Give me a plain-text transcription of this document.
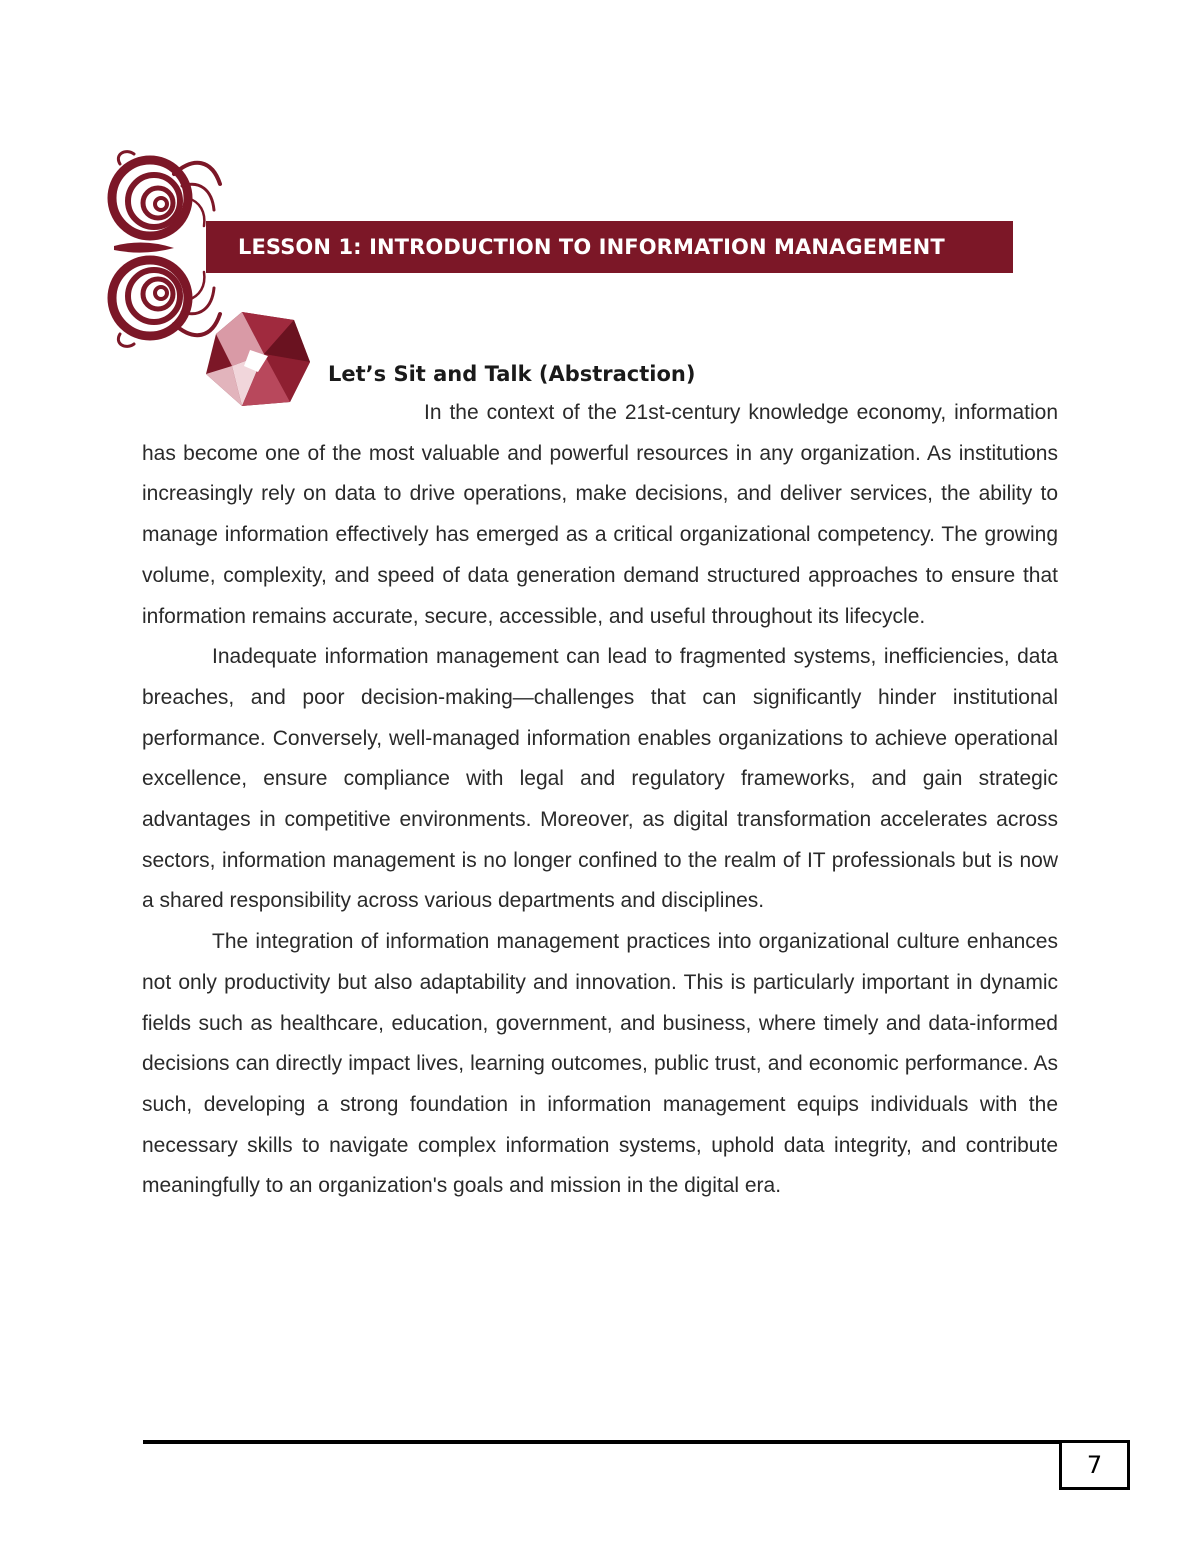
LESSON 1: INTRODUCTION TO INFORMATION MANAGEMENT
Let’s Sit and Talk (Abstraction)

In the context of the 21st-century knowledge economy, information has become one of the most valuable and powerful resources in any organization. As institutions increasingly rely on data to drive operations, make decisions, and deliver services, the ability to manage information effectively has emerged as a critical organizational competency. The growing volume, complexity, and speed of data generation demand structured approaches to ensure that information remains accurate, secure, accessible, and useful throughout its lifecycle.

Inadequate information management can lead to fragmented systems, inefficiencies, data breaches, and poor decision-making—challenges that can significantly hinder institutional performance. Conversely, well-managed information enables organizations to achieve operational excellence, ensure compliance with legal and regulatory frameworks, and gain strategic advantages in competitive environments. Moreover, as digital transformation accelerates across sectors, information management is no longer confined to the realm of IT professionals but is now a shared responsibility across various departments and disciplines.

The integration of information management practices into organizational culture enhances not only productivity but also adaptability and innovation. This is particularly important in dynamic fields such as healthcare, education, government, and business, where timely and data-informed decisions can directly impact lives, learning outcomes, public trust, and economic performance. As such, developing a strong foundation in information management equips individuals with the necessary skills to navigate complex information systems, uphold data integrity, and contribute meaningfully to an organization's goals and mission in the digital era.

7
